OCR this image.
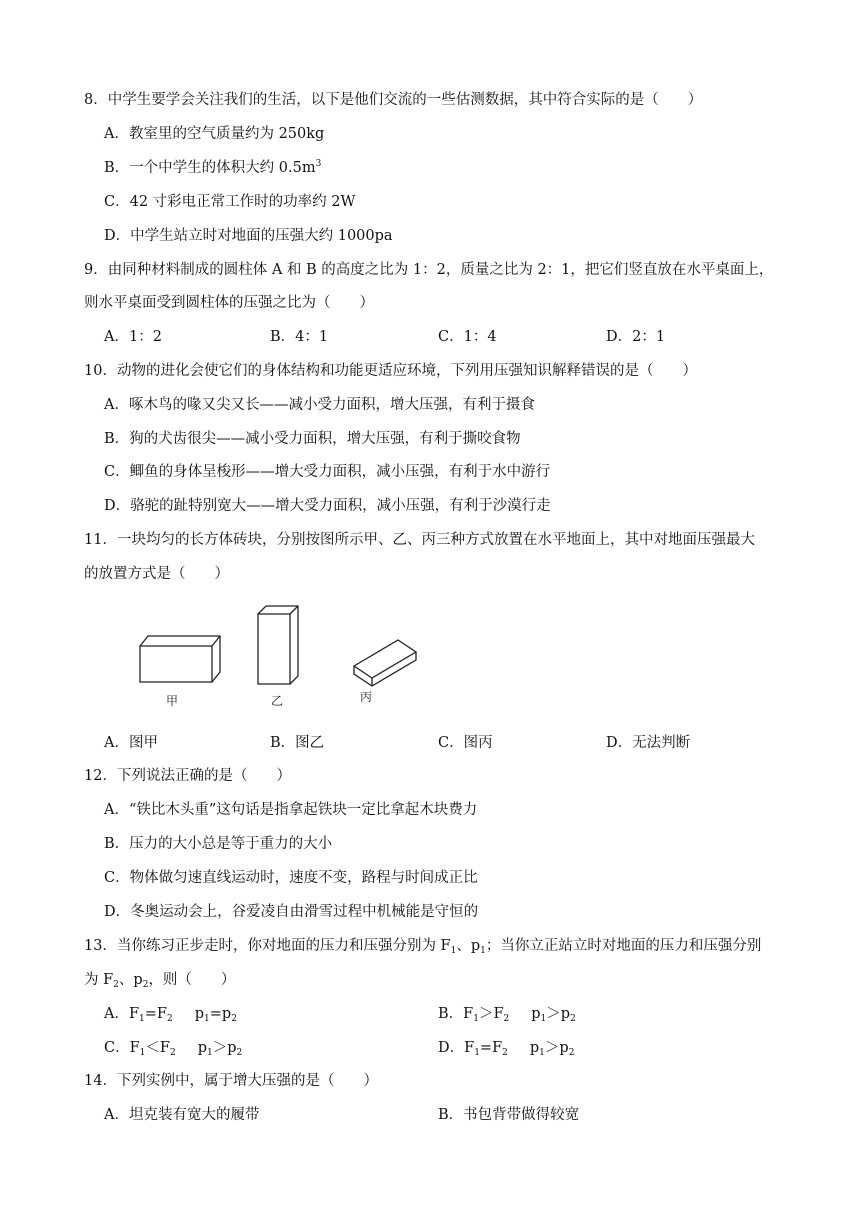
8．中学生要学会关注我们的生活，以下是他们交流的一些估测数据，其中符合实际的是（　　）
A．教室里的空气质量约为 250kg
B．一个中学生的体积大约 $0.5m^3$
C．42 寸彩电正常工作时的功率约 2W
D．中学生站立时对地面的压强大约 1000pa
9．由同种材料制成的圆柱体 A 和 B 的高度之比为 1：2，质量之比为 2：1，把它们竖直放在水平桌面上，
则水平桌面受到圆柱体的压强之比为（　　）
A．1：2	B．4：1	C．1：4	D．2：1
10．动物的进化会使它们的身体结构和功能更适应环境，下列用压强知识解释错误的是（　　）
A．啄木鸟的喙又尖又长——减小受力面积，增大压强，有利于摄食
B．狗的犬齿很尖——减小受力面积，增大压强，有利于撕咬食物
C．鲫鱼的身体呈梭形——增大受力面积，减小压强，有利于水中游行
D．骆驼的趾特别宽大——增大受力面积，减小压强，有利于沙漠行走
11．一块均匀的长方体砖块，分别按图所示甲、乙、丙三种方式放置在水平地面上，其中对地面压强最大
的放置方式是（　　）
甲	乙	丙
A．图甲	B．图乙	C．图丙	D．无法判断
12．下列说法正确的是（　　）
A．“铁比木头重”这句话是指拿起铁块一定比拿起木块费力
B．压力的大小总是等于重力的大小
C．物体做匀速直线运动时，速度不变，路程与时间成正比
D．冬奥运动会上，谷爱凌自由滑雪过程中机械能是守恒的
13．当你练习正步走时，你对地面的压力和压强分别为 $F_1$、$p_1$；当你立正站立时对地面的压力和压强分别
为 $F_2$、$p_2$，则（　　）
A．$F_1=F_2$ $p_1=p_2$	B．$F_1>F_2$ $p_1>p_2$
C．$F_1<F_2$ $p_1>p_2$	D．$F_1=F_2$ $p_1>p_2$
14．下列实例中，属于增大压强的是（　　）
A．坦克装有宽大的履带	B．书包背带做得较宽
